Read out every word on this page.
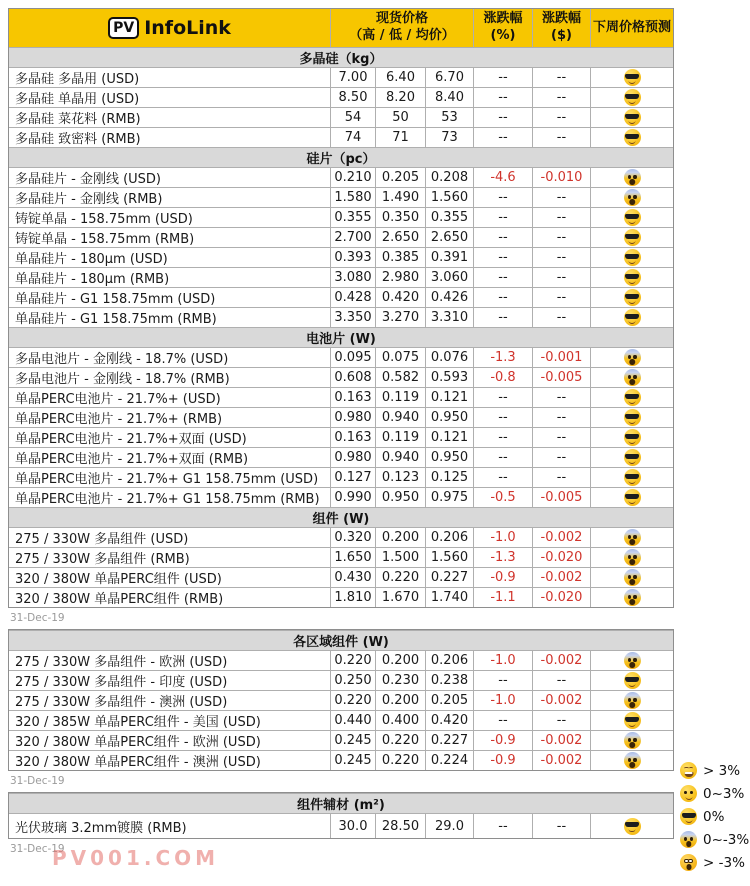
PV InfoLink	现货价格
（高 / 低 / 均价）
涨跌幅
(%)
涨跌幅
($)
下周价格预测
多晶硅（kg）
多晶硅 多晶用 (USD)	7.00	6.40	6.70	--	--
多晶硅 单晶用 (USD)	8.50	8.20	8.40	--	--
多晶硅 菜花料 (RMB)	54	50	53	--	--
多晶硅 致密料 (RMB)	74	71	73	--	--
硅片（pc）
多晶硅片 - 金刚线 (USD)	0.210 0.205 0.208	-4.6	-0.010
多晶硅片 - 金刚线 (RMB)	1.580 1.490 1.560	--	--
铸锭单晶 - 158.75mm (USD)	0.355 0.350 0.355	--	--
铸锭单晶 - 158.75mm (RMB)	2.700 2.650 2.650	--	--
单晶硅片 - 180µm (USD)	0.393 0.385 0.391	--	--
单晶硅片 - 180µm (RMB)	3.080 2.980 3.060	--	--
单晶硅片 - G1 158.75mm (USD)	0.428 0.420 0.426	--	--
单晶硅片 - G1 158.75mm (RMB)	3.350 3.270 3.310	--	--
电池片 (W)
多晶电池片 - 金刚线 - 18.7% (USD)	0.095 0.075 0.076	-1.3	-0.001
多晶电池片 - 金刚线 - 18.7% (RMB)	0.608 0.582 0.593	-0.8	-0.005
单晶PERC电池片 - 21.7%+ (USD)	0.163 0.119 0.121	--	--
单晶PERC电池片 - 21.7%+ (RMB)	0.980 0.940 0.950	--	--
单晶PERC电池片 - 21.7%+双面 (USD)	0.163 0.119 0.121	--	--
单晶PERC电池片 - 21.7%+双面 (RMB)	0.980 0.940 0.950	--	--
单晶PERC电池片 - 21.7%+ G1 158.75mm (USD)	0.127 0.123 0.125	--	--
单晶PERC电池片 - 21.7%+ G1 158.75mm (RMB)	0.990 0.950 0.975	-0.5	-0.005
组件 (W)
275 / 330W 多晶组件 (USD)	0.320 0.200 0.206	-1.0	-0.002
275 / 330W 多晶组件 (RMB)	1.650 1.500 1.560	-1.3	-0.020
320 / 380W 单晶PERC组件 (USD)	0.430 0.220 0.227	-0.9	-0.002
320 / 380W 单晶PERC组件 (RMB)	1.810 1.670 1.740	-1.1	-0.020
31-Dec-19
各区域组件 (W)
275 / 330W 多晶组件 - 欧洲 (USD)	0.220 0.200 0.206	-1.0	-0.002
275 / 330W 多晶组件 - 印度 (USD)	0.250 0.230 0.238	--	--
275 / 330W 多晶组件 - 澳洲 (USD)	0.220 0.200 0.205	-1.0	-0.002
320 / 385W 单晶PERC组件 - 美国 (USD)	0.440 0.400 0.420	--	--
320 / 380W 单晶PERC组件 - 欧洲 (USD)	0.245 0.220 0.227	-0.9	-0.002
320 / 380W 单晶PERC组件 - 澳洲 (USD)	0.245 0.220 0.224	-0.9	-0.002
31-Dec-19
组件辅材 (m²)
光伏玻璃 3.2mm镀膜 (RMB)	30.0	28.50	29.0	--	--
31-Dec-19
> 3%
0~3%
0%
0~-3%
> -3%
PV001.COM
